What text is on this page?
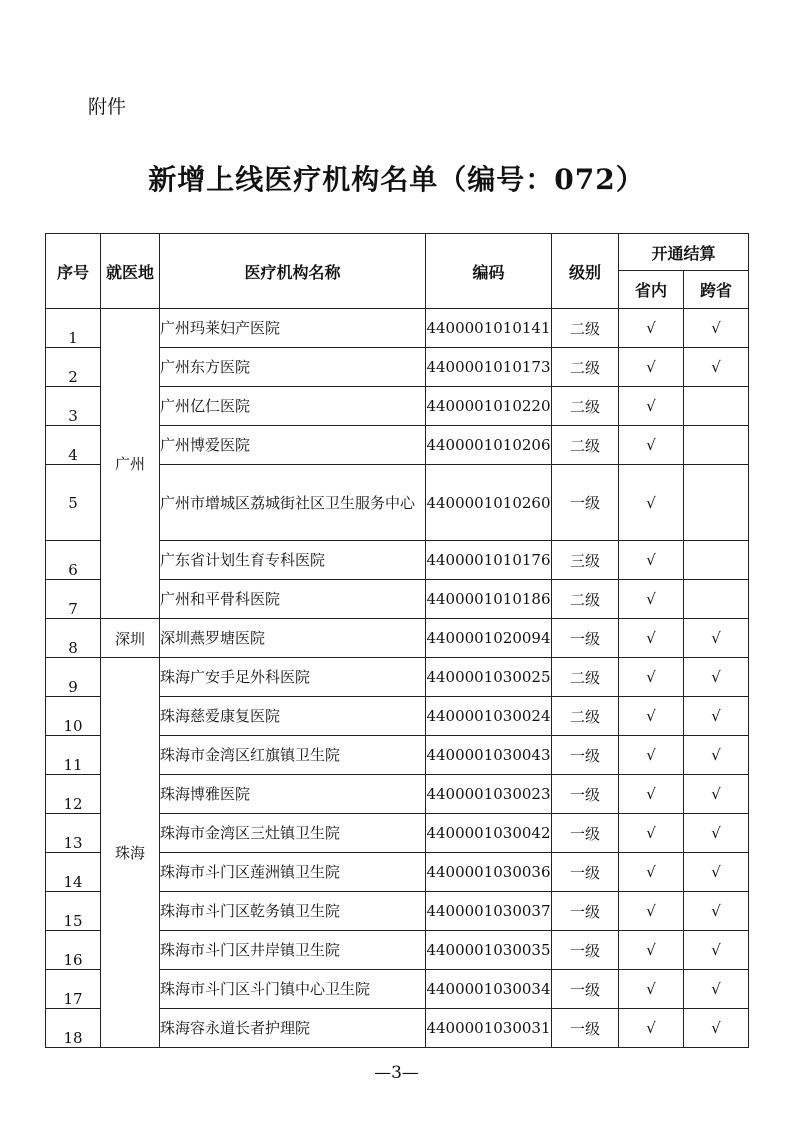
附件
新增上线医疗机构名单（编号：072）
序号	就医地	医疗机构名称	编码	级别	开通结算	
					省内	跨省
1	广州	广州玛莱妇产医院	4400001010141	二级	√	√
2		广州东方医院	4400001010173	二级	√	√
3		广州亿仁医院	4400001010220	二级	√	
4		广州博爱医院	4400001010206	二级	√	
5		广州市增城区荔城街社区卫生服务中心	4400001010260	一级	√	
6		广东省计划生育专科医院	4400001010176	三级	√	
7		广州和平骨科医院	4400001010186	二级	√	
8	深圳	深圳燕罗塘医院	4400001020094	一级	√	√
9	珠海	珠海广安手足外科医院	4400001030025	二级	√	√
10		珠海慈爱康复医院	4400001030024	二级	√	√
11		珠海市金湾区红旗镇卫生院	4400001030043	一级	√	√
12		珠海博雅医院	4400001030023	一级	√	√
13		珠海市金湾区三灶镇卫生院	4400001030042	一级	√	√
14		珠海市斗门区莲洲镇卫生院	4400001030036	一级	√	√
15		珠海市斗门区乾务镇卫生院	4400001030037	一级	√	√
16		珠海市斗门区井岸镇卫生院	4400001030035	一级	√	√
17		珠海市斗门区斗门镇中心卫生院	4400001030034	一级	√	√
18		珠海容永道长者护理院	4400001030031	一级	√	√
—3—
